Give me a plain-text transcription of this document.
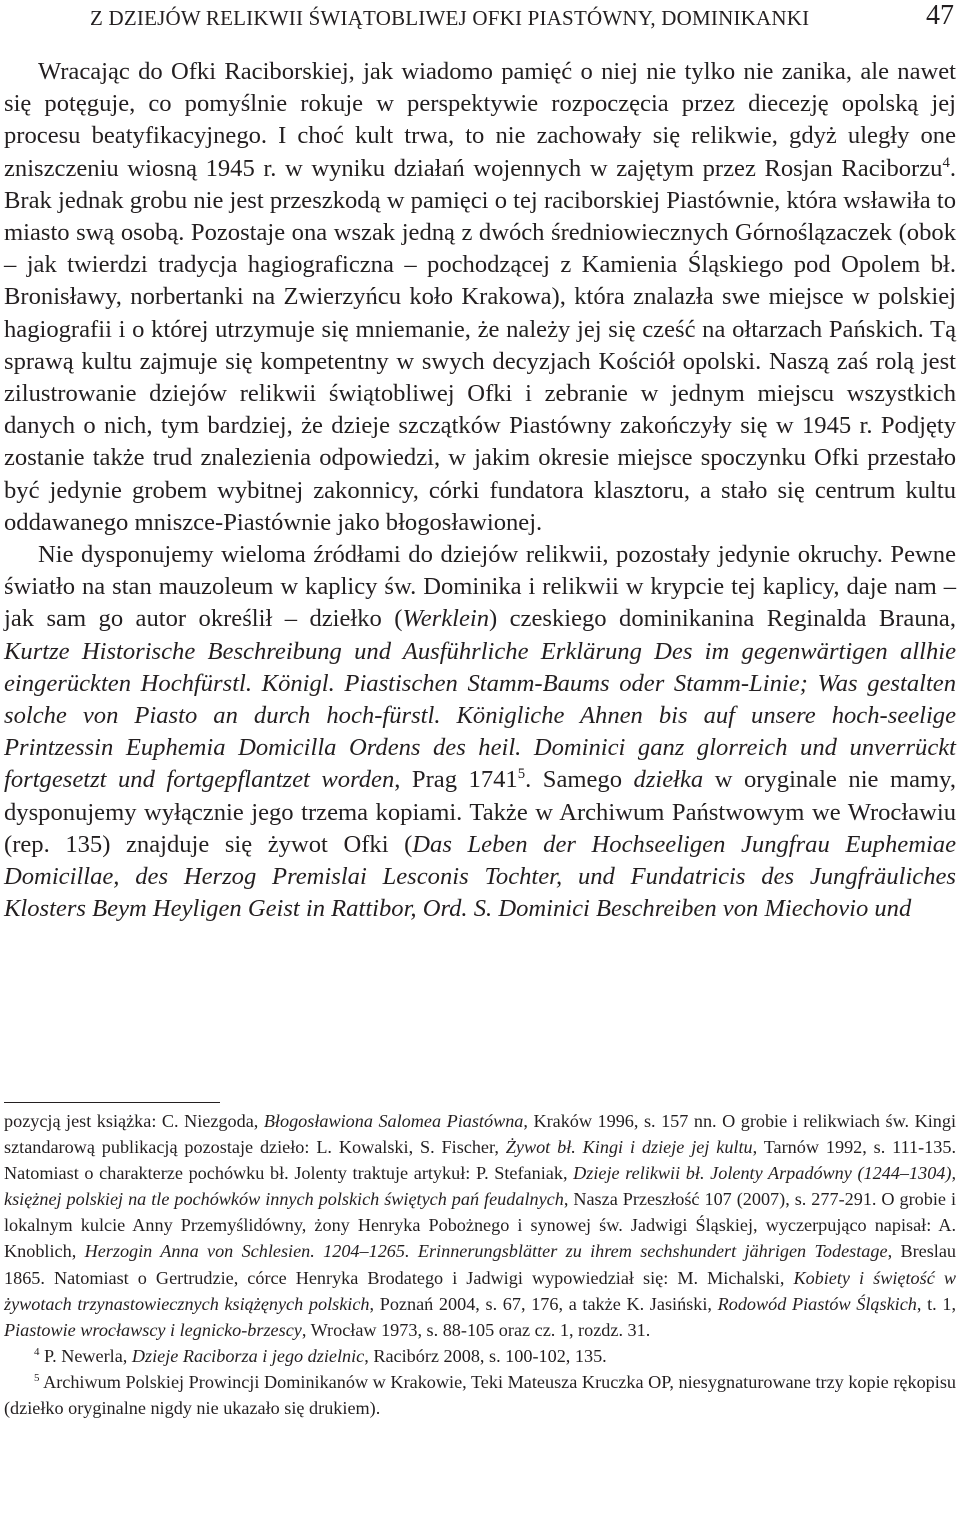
Z DZIEJÓW RELIKWII ŚWIĄTOBLIWEJ OFKI PIASTÓWNY, DOMINIKANKI	47

Wracając do Ofki Raciborskiej, jak wiadomo pamięć o niej nie tylko nie zanika, ale nawet się potęguje, co pomyślnie rokuje w perspektywie rozpoczęcia przez diecezję opolską jej procesu beatyfikacyjnego. I choć kult trwa, to nie zachowały się relikwie, gdyż uległy one zniszczeniu wiosną 1945 r. w wyniku działań wojennych w zajętym przez Rosjan Raciborzu$^4$. Brak jednak grobu nie jest przeszkodą w pamięci o tej raciborskiej Piastównie, która wsławiła to miasto swą osobą. Pozostaje ona wszak jedną z dwóch średniowiecznych Górnoślązaczek (obok – jak twierdzi tradycja hagiograficzna – pochodzącej z Kamienia Śląskiego pod Opolem bł. Bronisławy, norbertanki na Zwierzyńcu koło Krakowa), która znalazła swe miejsce w polskiej hagiografii i o której utrzymuje się mniemanie, że należy jej się cześć na ołtarzach Pańskich. Tą sprawą kultu zajmuje się kompetentny w swych decyzjach Kościół opolski. Naszą zaś rolą jest zilustrowanie dziejów relikwii świątobliwej Ofki i zebranie w jednym miejscu wszystkich danych o nich, tym bardziej, że dzieje szczątków Piastówny zakończyły się w 1945 r. Podjęty zostanie także trud znalezienia odpowiedzi, w jakim okresie miejsce spoczynku Ofki przestało być jedynie grobem wybitnej zakonnicy, córki fundatora klasztoru, a stało się centrum kultu oddawanego mniszce-Piastównie jako błogosławionej.

Nie dysponujemy wieloma źródłami do dziejów relikwii, pozostały jedynie okruchy. Pewne światło na stan mauzoleum w kaplicy św. Dominika i relikwii w krypcie tej kaplicy, daje nam – jak sam go autor określił – dziełko (Werklein) czeskiego dominikanina Reginalda Brauna, Kurtze Historische Beschreibung und Ausführliche Erklärung Des im gegenwärtigen allhie eingerückten Hochfürstl. Königl. Piastischen Stamm-Baums oder Stamm-Linie; Was gestalten solche von Piasto an durch hoch-fürstl. Königliche Ahnen bis auf unsere hoch-seelige Printzessin Euphemia Domicilla Ordens des heil. Dominici ganz glorreich und unverrückt fortgesetzt und fortgepflantzet worden, Prag 1741$^5$. Samego dziełka w oryginale nie mamy, dysponujemy wyłącznie jego trzema kopiami. Także w Archiwum Państwowym we Wrocławiu (rep. 135) znajduje się żywot Ofki (Das Leben der Hochseeligen Jungfrau Euphemiae Domicillae, des Herzog Premislai Lesconis Tochter, und Fundatricis des Jungfräuliches Klosters Beym Heyligen Geist in Rattibor, Ord. S. Dominici Beschreiben von Miechovio und

pozycją jest książka: C. Niezgoda, Błogosławiona Salomea Piastówna, Kraków 1996, s. 157 nn. O grobie i relikwiach św. Kingi sztandarową publikacją pozostaje dzieło: L. Kowalski, S. Fischer, Żywot bł. Kingi i dzieje jej kultu, Tarnów 1992, s. 111-135. Natomiast o charakterze pochówku bł. Jolenty traktuje artykuł: P. Stefaniak, Dzieje relikwii bł. Jolenty Arpadówny (1244–1304), księżnej polskiej na tle pochówków innych polskich świętych pań feudalnych, Nasza Przeszłość 107 (2007), s. 277-291. O grobie i lokalnym kulcie Anny Przemyślidówny, żony Henryka Pobożnego i synowej św. Jadwigi Śląskiej, wyczerpująco napisał: A. Knoblich, Herzogin Anna von Schlesien. 1204–1265. Erinnerungsblätter zu ihrem sechshundert jährigen Todestage, Breslau 1865. Natomiast o Gertrudzie, córce Henryka Brodatego i Jadwigi wypowiedział się: M. Michalski, Kobiety i świętość w żywotach trzynastowiecznych książęnych polskich, Poznań 2004, s. 67, 176, a także K. Jasiński, Rodowód Piastów Śląskich, t. 1, Piastowie wrocławscy i legnicko-brzescy, Wrocław 1973, s. 88-105 oraz cz. 1, rozdz. 31.

$^4$ P. Newerla, Dzieje Raciborza i jego dzielnic, Racibórz 2008, s. 100-102, 135.

$^5$ Archiwum Polskiej Prowincji Dominikanów w Krakowie, Teki Mateusza Kruczka OP, niesygnaturowane trzy kopie rękopisu (dziełko oryginalne nigdy nie ukazało się drukiem).
